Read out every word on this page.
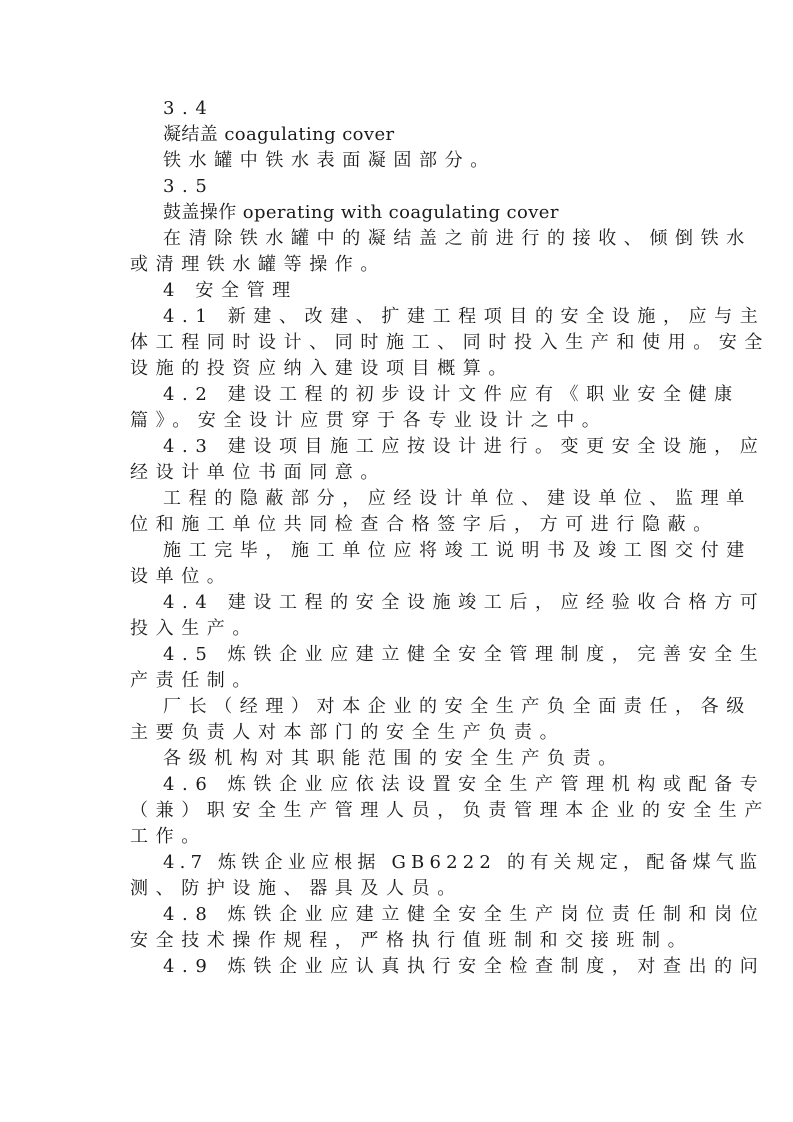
3.4
凝结盖 coagulating cover
铁水罐中铁水表面凝固部分。
3.5
鼓盖操作 operating with coagulating cover
在清除铁水罐中的凝结盖之前进行的接收、倾倒铁水
或清理铁水罐等操作。
4 安全管理
4.1 新建、改建、扩建工程项目的安全设施，应与主
体工程同时设计、同时施工、同时投入生产和使用。安全
设施的投资应纳入建设项目概算。
4.2 建设工程的初步设计文件应有《职业安全健康
篇》。安全设计应贯穿于各专业设计之中。
4.3 建设项目施工应按设计进行。变更安全设施，应
经设计单位书面同意。
工程的隐蔽部分，应经设计单位、建设单位、监理单
位和施工单位共同检查合格签字后，方可进行隐蔽。
施工完毕，施工单位应将竣工说明书及竣工图交付建
设单位。
4.4 建设工程的安全设施竣工后，应经验收合格方可
投入生产。
4.5 炼铁企业应建立健全安全管理制度，完善安全生
产责任制。
厂长（经理）对本企业的安全生产负全面责任，各级
主要负责人对本部门的安全生产负责。
各级机构对其职能范围的安全生产负责。
4.6 炼铁企业应依法设置安全生产管理机构或配备专
（兼）职安全生产管理人员，负责管理本企业的安全生产
工作。
4.7 炼铁企业应根据 GB6222 的有关规定，配备煤气监
测、防护设施、器具及人员。
4.8 炼铁企业应建立健全安全生产岗位责任制和岗位
安全技术操作规程，严格执行值班制和交接班制。
4.9 炼铁企业应认真执行安全检查制度，对查出的问
